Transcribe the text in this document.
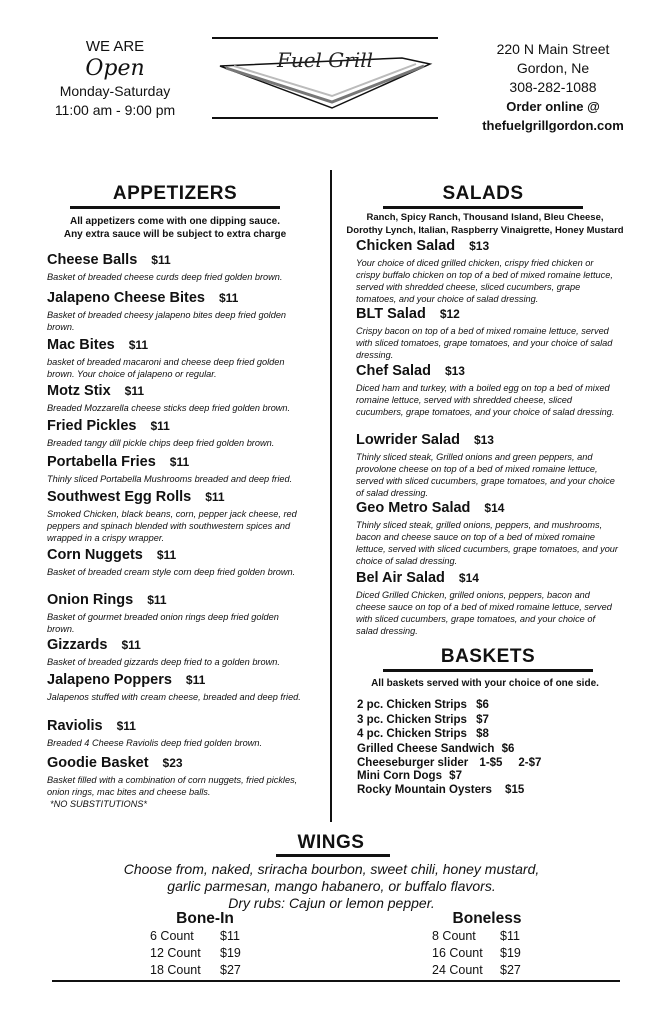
WE ARE
Open
Monday-Saturday
11:00 am - 9:00 pm
Fuel Grill	220 N Main Street
Gordon, Ne
308-282-1088
Order online @
thefuelgrillgordon.com
APPETIZERS
All appetizers come with one dipping sauce.
Any extra sauce will be subject to extra charge
Cheese Balls $11
Basket of breaded cheese curds deep fried golden brown.
Jalapeno Cheese Bites $11
Basket of breaded cheesy jalapeno bites deep fried golden brown.
Mac Bites $11
basket of breaded macaroni and cheese deep fried golden brown. Your choice of jalapeno or regular.
Motz Stix $11
Breaded Mozzarella cheese sticks deep fried golden brown.
Fried Pickles $11
Breaded tangy dill pickle chips deep fried golden brown.
Portabella Fries $11
Thinly sliced Portabella Mushrooms breaded and deep fried.
Southwest Egg Rolls $11
Smoked Chicken, black beans, corn, pepper jack cheese, red peppers and spinach blended with southwestern spices and wrapped in a crispy wrapper.
Corn Nuggets $11
Basket of breaded cream style corn deep fried golden brown.
Onion Rings $11
Basket of gourmet breaded onion rings deep fried golden brown.
Gizzards $11
Basket of breaded gizzards deep fried to a golden brown.
Jalapeno Poppers $11
Jalapenos stuffed with cream cheese, breaded and deep fried.
Raviolis $11
Breaded 4 Cheese Raviolis deep fried golden brown.
Goodie Basket $23
Basket filled with a combination of corn nuggets, fried pickles, onion rings, mac bites and cheese balls.
*NO SUBSTITUTIONS*
SALADS
Ranch, Spicy Ranch, Thousand Island, Bleu Cheese,
Dorothy Lynch, Italian, Raspberry Vinaigrette, Honey Mustard
Chicken Salad $13
Your choice of diced grilled chicken, crispy fried chicken or crispy buffalo chicken on top of a bed of mixed romaine lettuce, served with shredded cheese, sliced cucumbers, grape tomatoes, and your choice of salad dressing.
BLT Salad $12
Crispy bacon on top of a bed of mixed romaine lettuce, served with sliced tomatoes, grape tomatoes, and your choice of salad dressing.
Chef Salad $13
Diced ham and turkey, with a boiled egg on top a bed of mixed romaine lettuce, served with shredded cheese, sliced cucumbers, grape tomatoes, and your choice of salad dressing.
Lowrider Salad $13
Thinly sliced steak, Grilled onions and green peppers, and provolone cheese on top of a bed of mixed romaine lettuce, served with sliced cucumbers, grape tomatoes, and your choice of salad dressing.
Geo Metro Salad $14
Thinly sliced steak, grilled onions, peppers, and mushrooms, bacon and cheese sauce on top of a bed of mixed romaine lettuce, served with sliced cucumbers, grape tomatoes, and your choice of salad dressing.
Bel Air Salad $14
Diced Grilled Chicken, grilled onions, peppers, bacon and cheese sauce on top of a bed of mixed romaine lettuce, served with sliced cucumbers, grape tomatoes, and your choice of salad dressing.
BASKETS
All baskets served with your choice of one side.
2 pc. Chicken Strips $6
3 pc. Chicken Strips $7
4 pc. Chicken Strips $8
Grilled Cheese Sandwich $6
Cheeseburger slider 1-$5     2-$7
Mini Corn Dogs $7
Rocky Mountain Oysters $15
WINGS
Choose from, naked, sriracha bourbon, sweet chili, honey mustard,
garlic parmesan, mango habanero, or buffalo flavors.
Dry rubs: Cajun or lemon pepper.
Bone-In
6 Count $11
12 Count $19
18 Count $27
Boneless
8 Count $11
16 Count $19
24 Count $27
